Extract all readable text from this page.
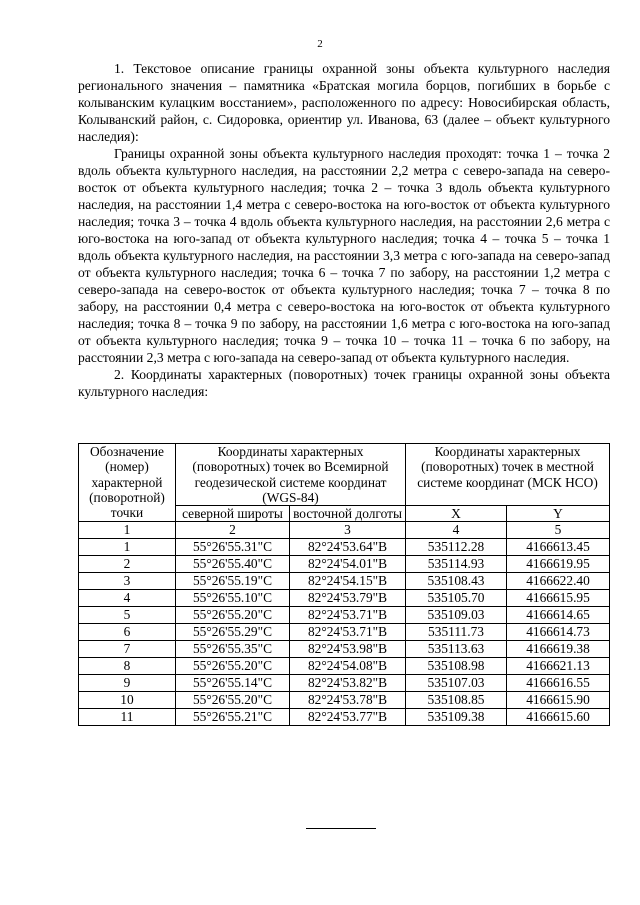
2

1. Текстовое описание границы охранной зоны объекта культурного наследия регионального значения – памятника «Братская могила борцов, погибших в борьбе с колыванским кулацким восстанием», расположенного по адресу: Новосибирская область, Колыванский район, с. Сидоровка, ориентир ул. Иванова, 63 (далее – объект культурного наследия):

Границы охранной зоны объекта культурного наследия проходят: точка 1 – точка 2 вдоль объекта культурного наследия, на расстоянии 2,2 метра с северо-запада на северо-восток от объекта культурного наследия; точка 2 – точка 3 вдоль объекта культурного наследия, на расстоянии 1,4 метра с северо-востока на юго-восток от объекта культурного наследия; точка 3 – точка 4 вдоль объекта культурного наследия, на расстоянии 2,6 метра с юго-востока на юго-запад от объекта культурного наследия; точка 4 – точка 5 – точка 1 вдоль объекта культурного наследия, на расстоянии 3,3 метра с юго-запада на северо-запад от объекта культурного наследия; точка 6 – точка 7 по забору, на расстоянии 1,2 метра с северо-запада на северо-восток от объекта культурного наследия; точка 7 – точка 8 по забору, на расстоянии 0,4 метра с северо-востока на юго-восток от объекта культурного наследия; точка 8 – точка 9 по забору, на расстоянии 1,6 метра с юго-востока на юго-запад от объекта культурного наследия; точка 9 – точка 10 – точка 11 – точка 6 по забору, на расстоянии 2,3 метра с юго-запада на северо-запад от объекта культурного наследия.

2. Координаты характерных (поворотных) точек границы охранной зоны объекта культурного наследия:

Обозначение (номер) характерной (поворотной) точки	Координаты характерных (поворотных) точек во Всемирной геодезической системе координат (WGS-84)		Координаты характерных (поворотных) точек в местной системе координат (МСК НСО)	
	северной широты	восточной долготы	X	Y
1	2	3	4	5
1	55°26'55.31"С	82°24'53.64"В	535112.28	4166613.45
2	55°26'55.40"С	82°24'54.01"В	535114.93	4166619.95
3	55°26'55.19"С	82°24'54.15"В	535108.43	4166622.40
4	55°26'55.10"С	82°24'53.79"В	535105.70	4166615.95
5	55°26'55.20"С	82°24'53.71"В	535109.03	4166614.65
6	55°26'55.29"С	82°24'53.71"В	535111.73	4166614.73
7	55°26'55.35"С	82°24'53.98"В	535113.63	4166619.38
8	55°26'55.20"С	82°24'54.08"В	535108.98	4166621.13
9	55°26'55.14"С	82°24'53.82"В	535107.03	4166616.55
10	55°26'55.20"С	82°24'53.78"В	535108.85	4166615.90
11	55°26'55.21"С	82°24'53.77"В	535109.38	4166615.60
